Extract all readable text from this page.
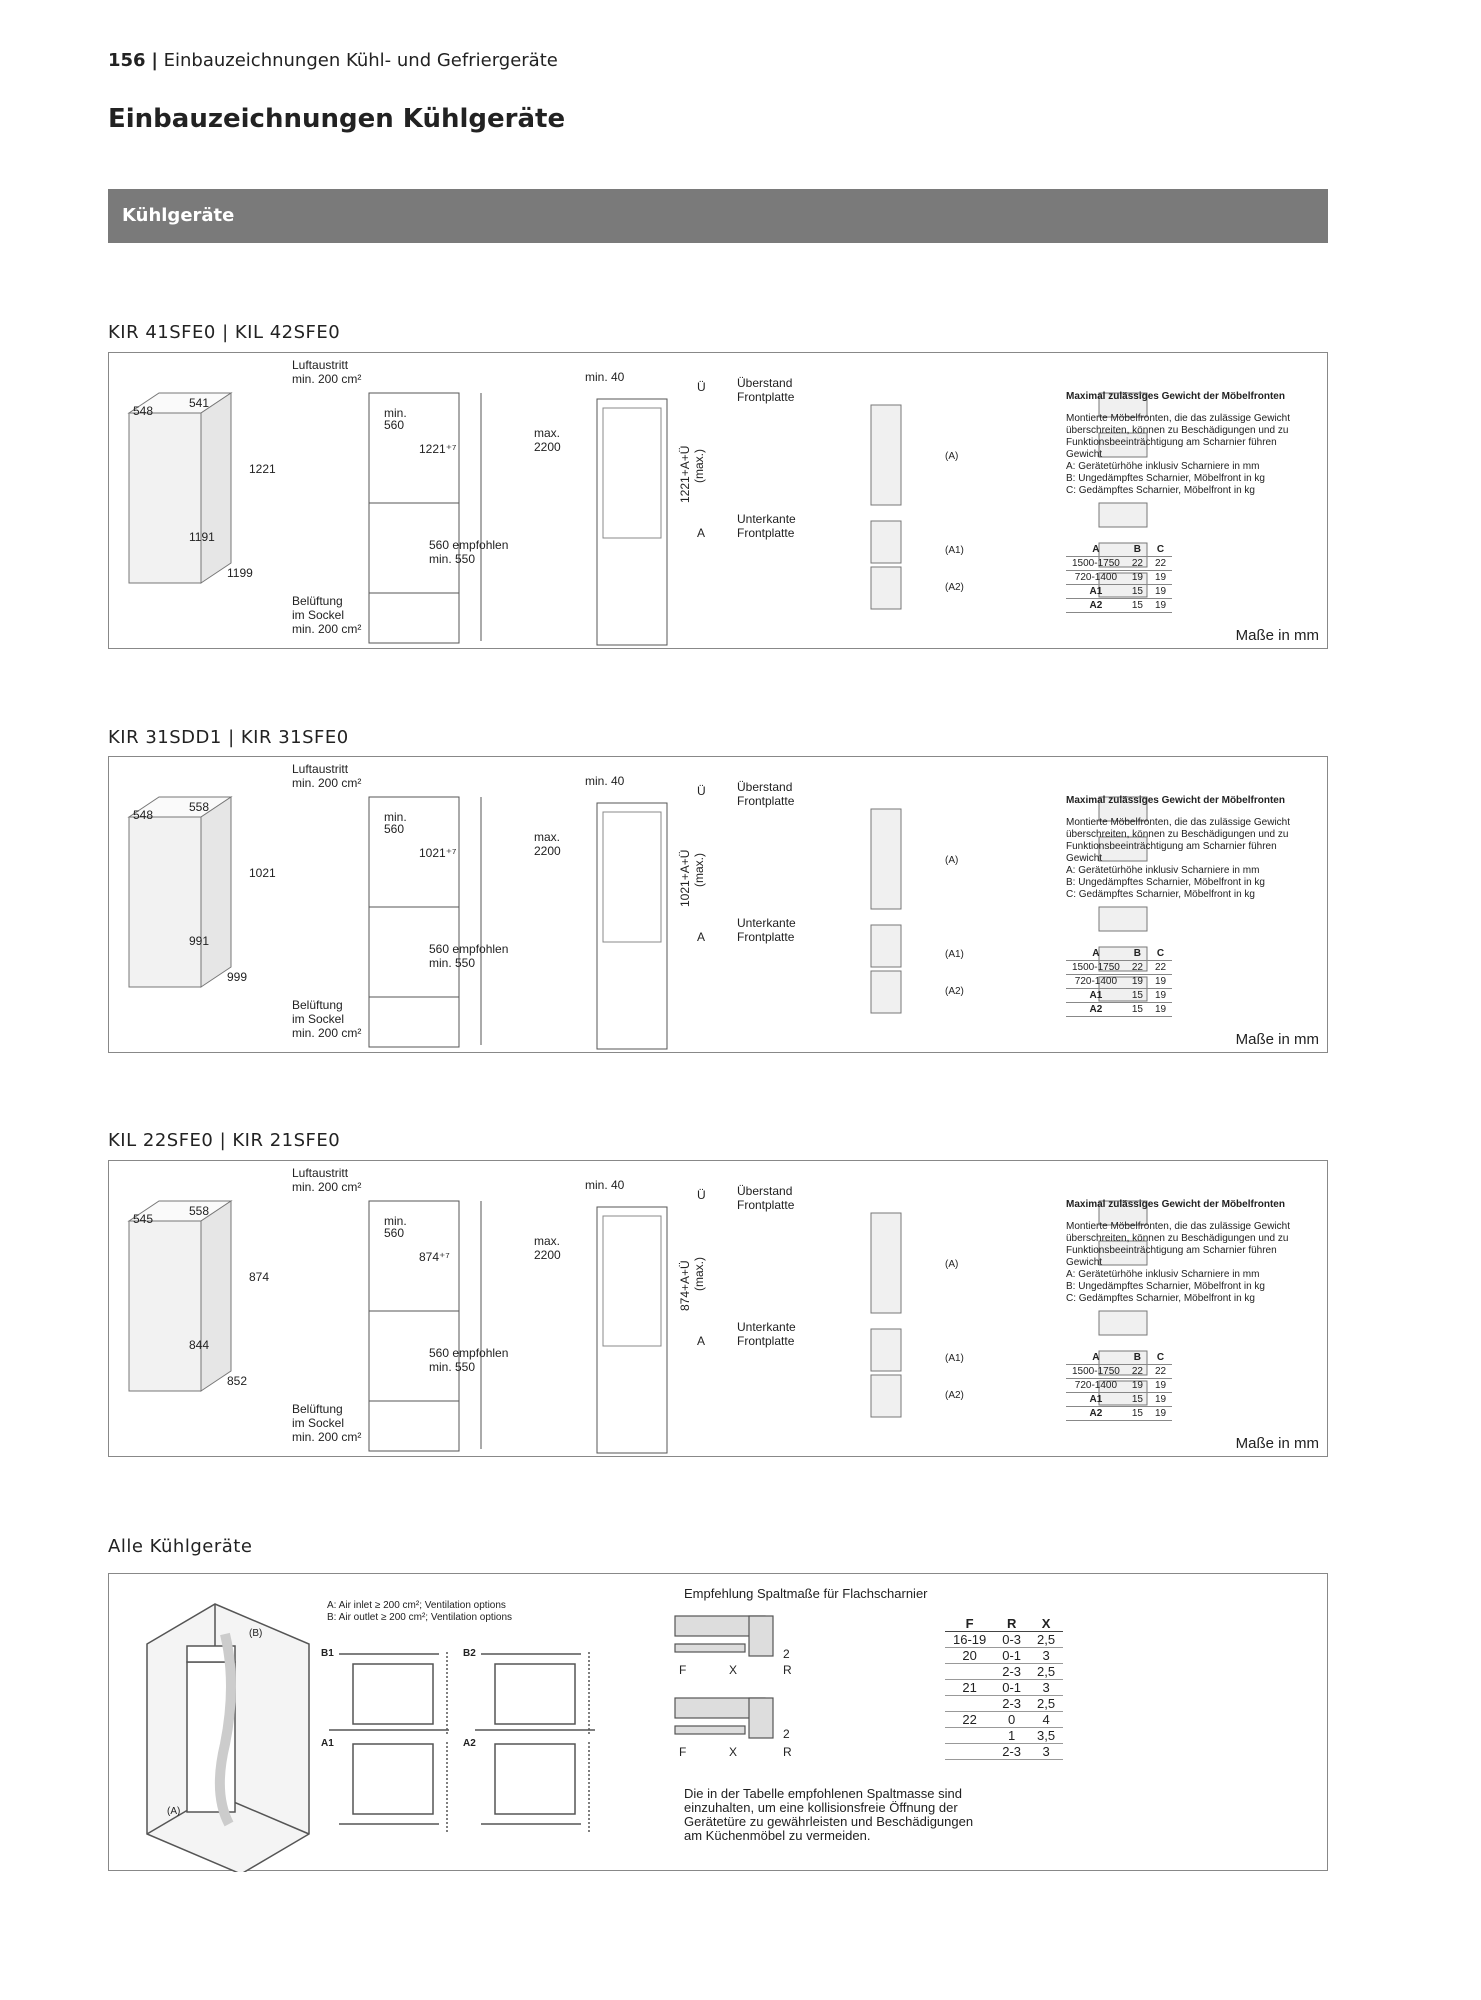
156 | Einbauzeichnungen Kühl- und Gefriergeräte
Einbauzeichnungen Kühlgeräte
Kühlgeräte
KIR 41SFE0 | KIL 42SFE0
548
541
1221
1191
1199
Luftaustritt
min. 200 cm²
min.
560
1221⁺⁷
max.
2200
560 empfohlen
min. 550
Belüftung
im Sockel
min. 200 cm²
min. 40
Ü	Überstand
Frontplatte
Unterkante
Frontplatte
A
1221+A+Ü (max.)	(A)
(A1)
(A2)
Maximal zulässiges Gewicht der Möbelfronten
Montierte Möbelfronten, die das zulässige Gewicht überschreiten, können zu Beschädigungen und zu Funktionsbeeinträchtigung am Scharnier führen
Gewicht
A: Gerätetürhöhe inklusiv Scharniere in mm
B: Ungedämpftes Scharnier, Möbelfront in kg
C: Gedämpftes Scharnier, Möbelfront in kg
A	B	C
1500-1750	22	22
720-1400	19	19
A1	15	19
A2	15	19
Maße in mm
KIR 31SDD1 | KIR 31SFE0
548
558
1021
991
999
Luftaustritt
min. 200 cm²
min.
560
1021⁺⁷
max.
2200
560 empfohlen
min. 550
Belüftung
im Sockel
min. 200 cm²
min. 40
Ü	Überstand
Frontplatte
Unterkante
Frontplatte
A
1021+A+Ü (max.)	(A)
(A1)
(A2)
Maximal zulässiges Gewicht der Möbelfronten
Montierte Möbelfronten, die das zulässige Gewicht überschreiten, können zu Beschädigungen und zu Funktionsbeeinträchtigung am Scharnier führen
Gewicht
A: Gerätetürhöhe inklusiv Scharniere in mm
B: Ungedämpftes Scharnier, Möbelfront in kg
C: Gedämpftes Scharnier, Möbelfront in kg
A	B	C
1500-1750	22	22
720-1400	19	19
A1	15	19
A2	15	19
Maße in mm
KIL 22SFE0 | KIR 21SFE0
545
558
874
844
852
Luftaustritt
min. 200 cm²
min.
560
874⁺⁷
max.
2200
560 empfohlen
min. 550
Belüftung
im Sockel
min. 200 cm²
min. 40
Ü	Überstand
Frontplatte
Unterkante
Frontplatte
A
874+A+Ü (max.)	(A)
(A1)
(A2)
Maximal zulässiges Gewicht der Möbelfronten
Montierte Möbelfronten, die das zulässige Gewicht überschreiten, können zu Beschädigungen und zu Funktionsbeeinträchtigung am Scharnier führen
Gewicht
A: Gerätetürhöhe inklusiv Scharniere in mm
B: Ungedämpftes Scharnier, Möbelfront in kg
C: Gedämpftes Scharnier, Möbelfront in kg
A	B	C
1500-1750	22	22
720-1400	19	19
A1	15	19
A2	15	19
Maße in mm
Alle Kühlgeräte
(B)
(A)
B1	B2
A1	A2
F	X	R
2
F	X	R
2
A: Air inlet ≥ 200 cm²; Ventilation options
B: Air outlet ≥ 200 cm²; Ventilation options
Empfehlung Spaltmaße für Flachscharnier
F	R	X
16-19	0-3	2,5
20	0-1	3
	2-3	2,5
21	0-1	3
	2-3	2,5
22	0	4
	1	3,5
	2-3	3
Die in der Tabelle empfohlenen Spaltmasse sind einzuhalten, um eine kollisionsfreie Öffnung der Gerätetüre zu gewährleisten und Beschädigungen am Küchenmöbel zu vermeiden.
